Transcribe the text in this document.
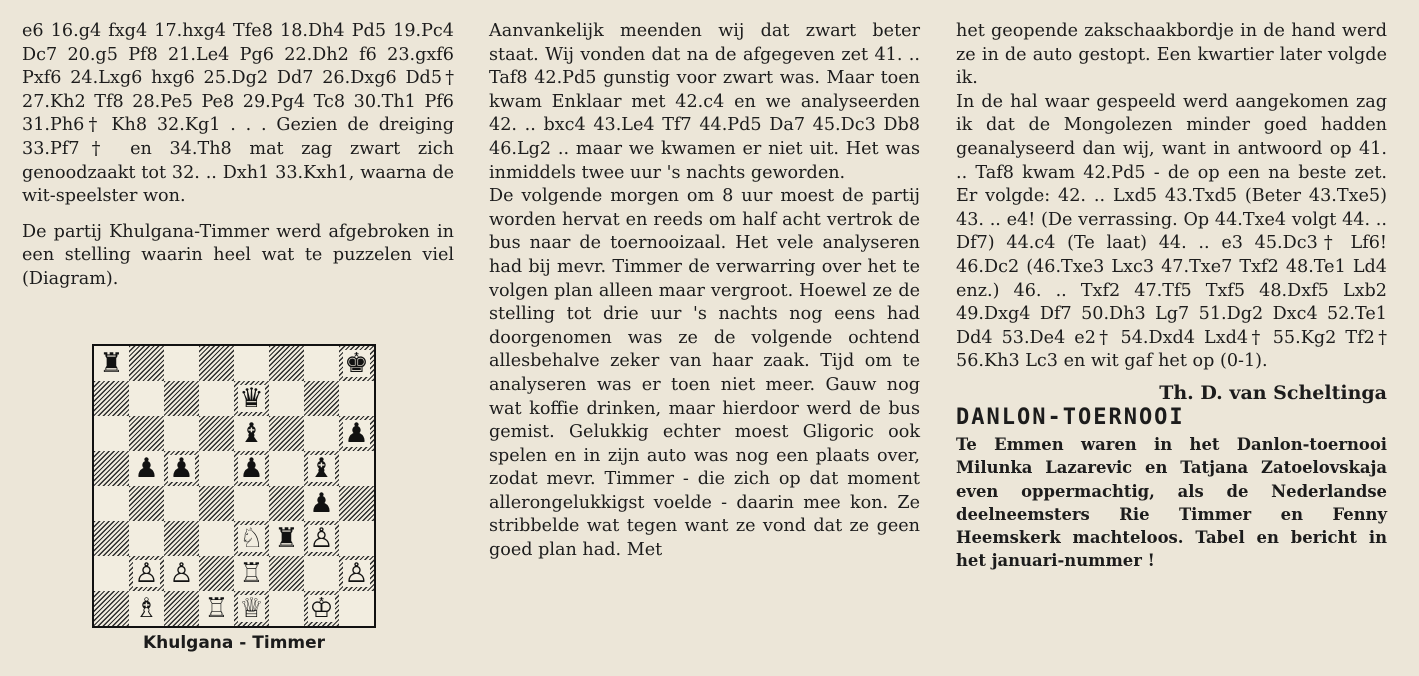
e6 16.g4 fxg4 17.hxg4 Tfe8 18.Dh4 Pd5 19.Pc4 Dc7 20.g5 Pf8 21.Le4 Pg6 22.Dh2 f6 23.gxf6 Pxf6 24.Lxg6 hxg6 25.Dg2 Dd7 26.Dxg6 Dd5† 27.Kh2 Tf8 28.Pe5 Pe8 29.Pg4 Tc8 30.Th1 Pf6 31.Ph6† Kh8 32.Kg1 . . . Gezien de dreiging 33.Pf7† en 34.Th8 mat zag zwart zich genoodzaakt tot 32. .. Dxh1 33.Kxh1, waarna de wit-speelster won.

De partij Khulgana-Timmer werd afgebroken in een stelling waarin heel wat te puzzelen viel (Diagram).

♜	♚
♛
♝	♟
♟ ♟ ♟ ♝
♟
♘ ♜ ♙
♙ ♙ ♖	♙
♗ ♖ ♕ ♔
Khulgana - Timmer

Aanvankelijk meenden wij dat zwart beter staat. Wij vonden dat na de afgegeven zet 41. .. Taf8 42.Pd5 gunstig voor zwart was. Maar toen kwam Enklaar met 42.c4 en we analyseerden 42. .. bxc4 43.Le4 Tf7 44.Pd5 Da7 45.Dc3 Db8 46.Lg2 .. maar we kwamen er niet uit. Het was inmiddels twee uur 's nachts geworden.

De volgende morgen om 8 uur moest de partij worden hervat en reeds om half acht vertrok de bus naar de toernooizaal. Het vele analyseren had bij mevr. Timmer de verwarring over het te volgen plan alleen maar vergroot. Hoewel ze de stelling tot drie uur 's nachts nog eens had doorgenomen was ze de volgende ochtend allesbehalve zeker van haar zaak. Tijd om te analyseren was er toen niet meer. Gauw nog wat koffie drinken, maar hierdoor werd de bus gemist. Gelukkig echter moest Gligoric ook spelen en in zijn auto was nog een plaats over, zodat mevr. Timmer - die zich op dat moment allerongelukkigst voelde - daarin mee kon. Ze stribbelde wat tegen want ze vond dat ze geen goed plan had. Met

het geopende zakschaakbordje in de hand werd ze in de auto gestopt. Een kwartier later volgde ik.

In de hal waar gespeeld werd aangekomen zag ik dat de Mongolezen minder goed hadden geanalyseerd dan wij, want in antwoord op 41. .. Taf8 kwam 42.Pd5 - de op een na beste zet. Er volgde: 42. .. Lxd5 43.Txd5 (Beter 43.Txe5) 43. .. e4! (De verrassing. Op 44.Txe4 volgt 44. .. Df7) 44.c4 (Te laat) 44. .. e3 45.Dc3† Lf6! 46.Dc2 (46.Txe3 Lxc3 47.Txe7 Txf2 48.Te1 Ld4 enz.) 46. .. Txf2 47.Tf5 Txf5 48.Dxf5 Lxb2 49.Dxg4 Df7 50.Dh3 Lg7 51.Dg2 Dxc4 52.Te1 Dd4 53.De4 e2† 54.Dxd4 Lxd4† 55.Kg2 Tf2† 56.Kh3 Lc3 en wit gaf het op (0-1).

Th. D. van Scheltinga

DANLON-TOERNOOI

Te Emmen waren in het Danlon-toernooi Milunka Lazarevic en Tatjana Zatoelovskaja even oppermachtig, als de Nederlandse deelneemsters Rie Timmer en Fenny Heemskerk machteloos. Tabel en bericht in het januari-nummer !
